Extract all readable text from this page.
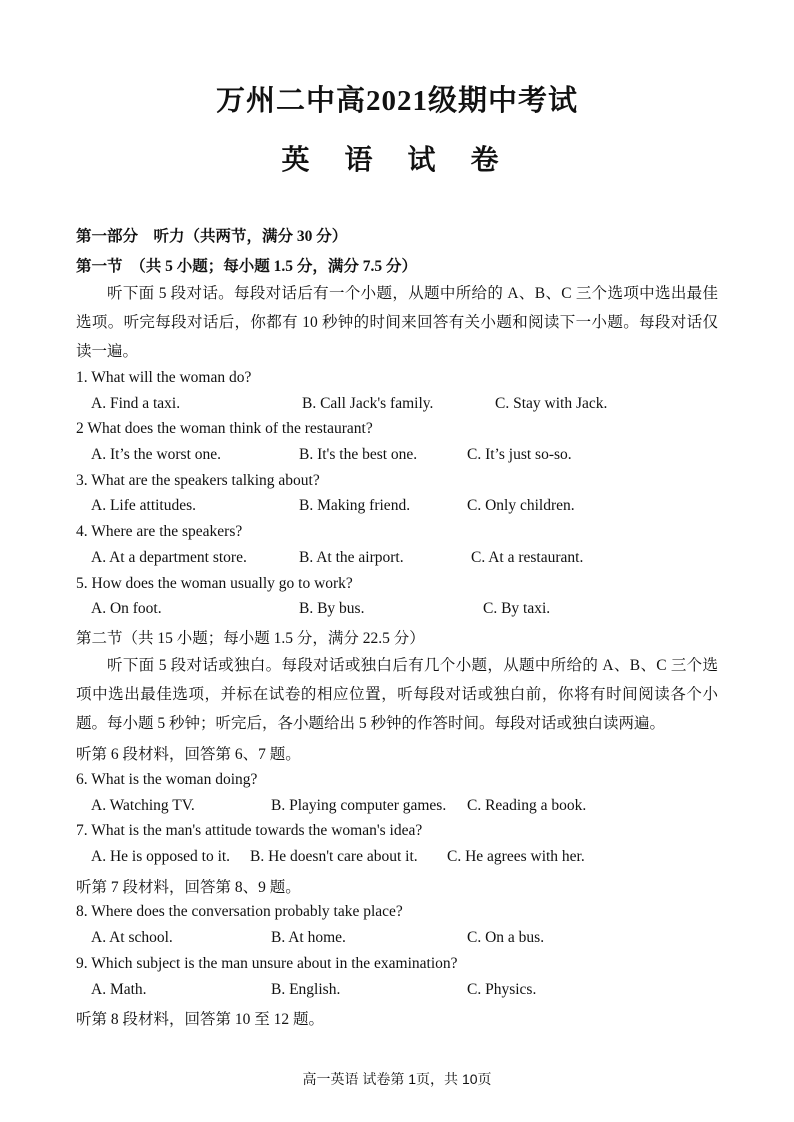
万州二中高2021级期中考试
英 语 试 卷
第一部分　听力（共两节，满分 30 分）
第一节　（共 5 小题；每小题 1.5 分，满分 7.5 分）
听下面 5 段对话。每段对话后有一个小题，从题中所给的 A、B、C 三个选项中选出最佳选项。听完每段对话后，你都有 10 秒钟的时间来回答有关小题和阅读下一小题。每段对话仅读一遍。
1. What will the woman do?
A. Find a taxi.	B. Call Jack's family.	C. Stay with Jack.
2 What does the woman think of the restaurant?
A. It’s the worst one.	B. It's the best one.	C. It’s just so-so.
3. What are the speakers talking about?
A. Life attitudes.	B. Making friend.	C. Only children.
4. Where are the speakers?
A. At a department store.	B. At the airport.	C. At a restaurant.
5. How does the woman usually go to work?
A. On foot.	B. By bus.	C. By taxi.
第二节（共 15 小题；每小题 1.5 分，满分 22.5 分）
听下面 5 段对话或独白。每段对话或独白后有几个小题，从题中所给的 A、B、C 三个选项中选出最佳选项，并标在试卷的相应位置，听每段对话或独白前，你将有时间阅读各个小题。每小题 5 秒钟；听完后，各小题给出 5 秒钟的作答时间。每段对话或独白读两遍。
听第 6 段材料，回答第 6、7 题。
6. What is the woman doing?
A. Watching TV.	B. Playing computer games. C. Reading a book.
7. What is the man's attitude towards the woman's idea?
A. He is opposed to it. B. He doesn't care about it. C. He agrees with her.
听第 7 段材料，回答第 8、9 题。
8. Where does the conversation probably take place?
A. At school.	B. At home.	C. On a bus.
9. Which subject is the man unsure about in the examination?
A. Math.	B. English.	C. Physics.
听第 8 段材料，回答第 10 至 12 题。
高一英语 试卷第 1页，共 10页
